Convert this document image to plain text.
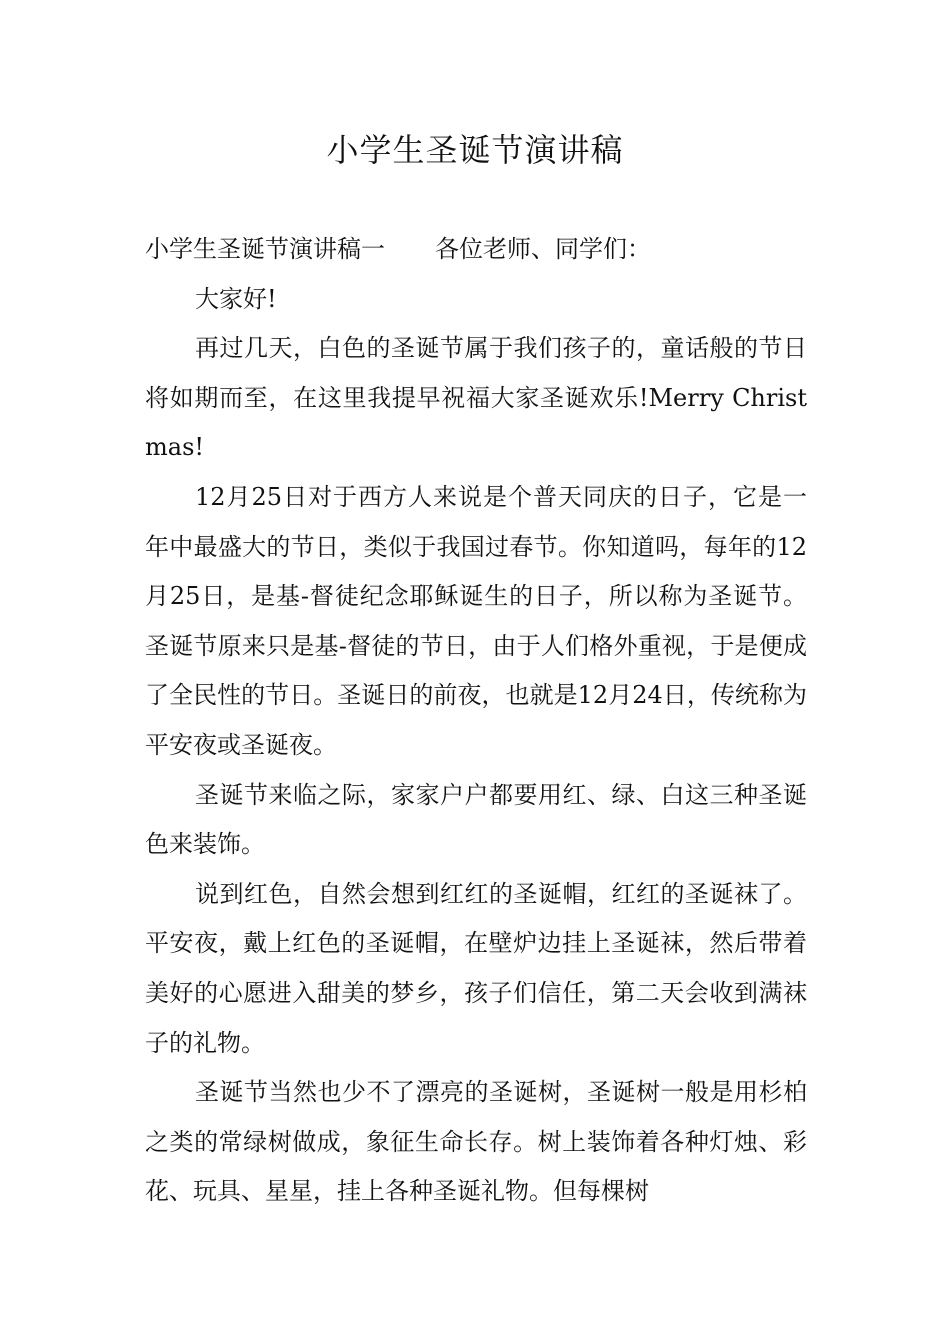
小学生圣诞节演讲稿

小学生圣诞节演讲稿一 各位老师、同学们：

大家好!

再过几天，白色的圣诞节属于我们孩子的，童话般的节日将如期而至，在这里我提早祝福大家圣诞欢乐!Merry Christmas!

12月25日对于西方人来说是个普天同庆的日子，它是一年中最盛大的节日，类似于我国过春节。你知道吗，每年的12月25日，是基-督徒纪念耶稣诞生的日子，所以称为圣诞节。圣诞节原来只是基-督徒的节日，由于人们格外重视，于是便成了全民性的节日。圣诞日的前夜，也就是12月24日，传统称为平安夜或圣诞夜。

圣诞节来临之际，家家户户都要用红、绿、白这三种圣诞色来装饰。

说到红色，自然会想到红红的圣诞帽，红红的圣诞袜了。平安夜，戴上红色的圣诞帽，在壁炉边挂上圣诞袜，然后带着美好的心愿进入甜美的梦乡，孩子们信任，第二天会收到满袜子的礼物。

圣诞节当然也少不了漂亮的圣诞树，圣诞树一般是用杉柏之类的常绿树做成，象征生命长存。树上装饰着各种灯烛、彩花、玩具、星星，挂上各种圣诞礼物。但每棵树
